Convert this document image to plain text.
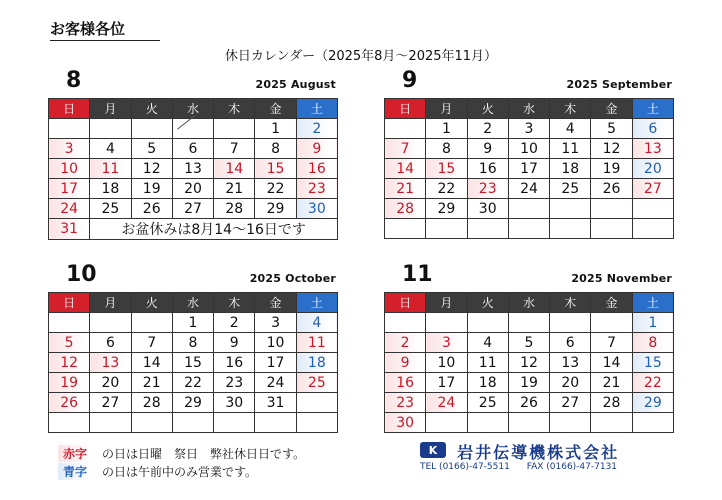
お客様各位
休日カレンダー（2025年8月～2025年11月）
8	2025 August
日	月	火	水	木	金	土
					1	2
3	4	5	6	7	8	9
10	11	12	13	14	15	16
17	18	19	20	21	22	23
24	25	26	27	28	29	30
31	お盆休みは8月14～16日です					
9	2025 September
日	月	火	水	木	金	土
	1	2	3	4	5	6
7	8	9	10	11	12	13
14	15	16	17	18	19	20
21	22	23	24	25	26	27
28	29	30				

10	2025 October
日	月	火	水	木	金	土
			1	2	3	4
5	6	7	8	9	10	11
12	13	14	15	16	17	18
19	20	21	22	23	24	25
26	27	28	29	30	31	

11	2025 November
日	月	火	水	木	金	土
						1
2	3	4	5	6	7	8
9	10	11	12	13	14	15
16	17	18	19	20	21	22
23	24	25	26	27	28	29
30						
赤字 の日は日曜　祭日　弊社休日日です。
青字 の日は午前中のみ営業です。
K 岩井伝導機株式会社
TEL (0166)-47-5511 FAX (0166)-47-7131
